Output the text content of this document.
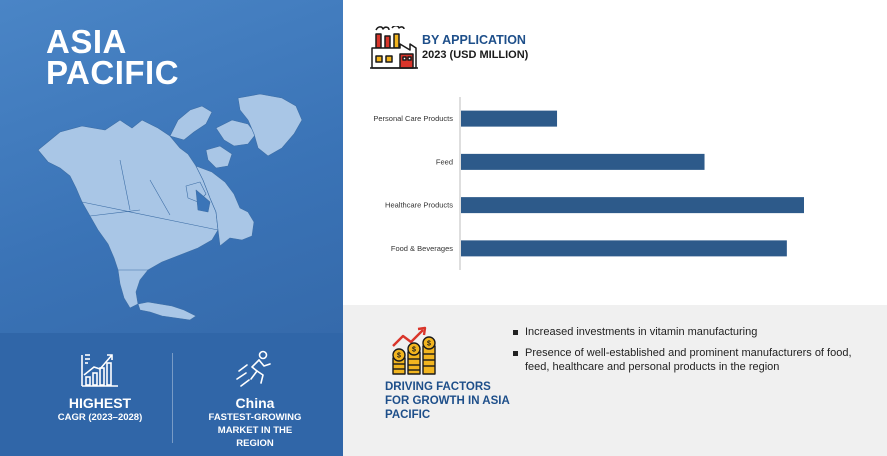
ASIA PACIFIC
HIGHEST
CAGR (2023–2028)
China
FASTEST-GROWING MARKET IN THE REGION
BY APPLICATION
2023 (USD MILLION)
Personal Care Products
Feed
Healthcare Products
Food & Beverages
$
$
$
DRIVING FACTORS FOR GROWTH IN ASIA PACIFIC
Increased investments in vitamin manufacturing
Presence of well-established and prominent manufacturers of food, feed, healthcare and personal products in the region
